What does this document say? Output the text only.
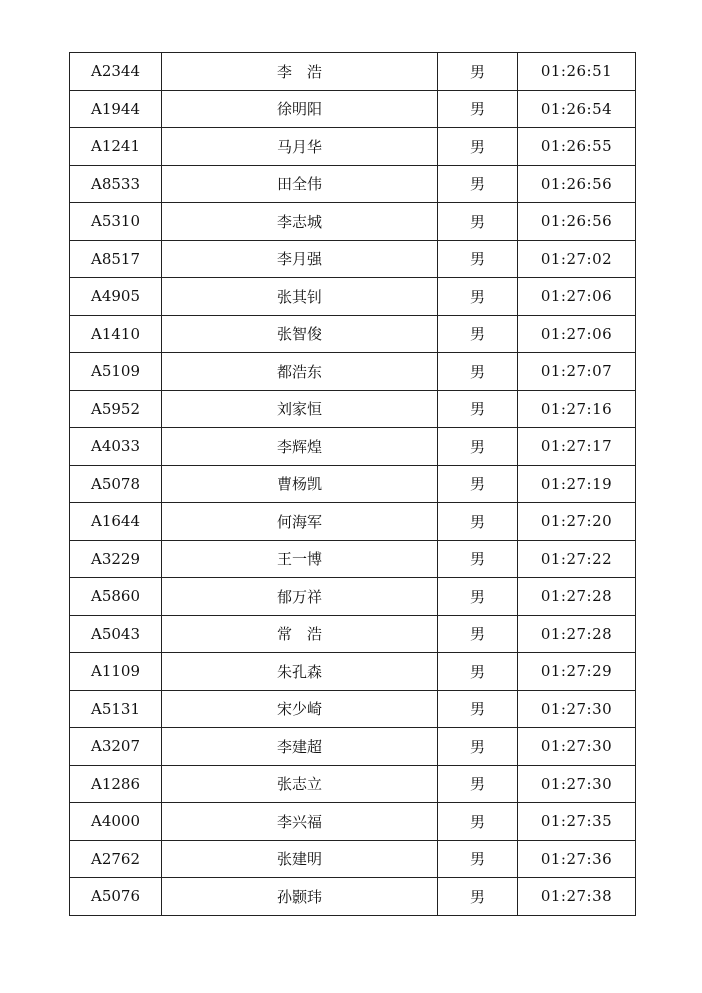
A2344	李　浩	男	01:26:51
A1944	徐明阳	男	01:26:54
A1241	马月华	男	01:26:55
A8533	田全伟	男	01:26:56
A5310	李志城	男	01:26:56
A8517	李月强	男	01:27:02
A4905	张其钊	男	01:27:06
A1410	张智俊	男	01:27:06
A5109	都浩东	男	01:27:07
A5952	刘家恒	男	01:27:16
A4033	李辉煌	男	01:27:17
A5078	曹杨凯	男	01:27:19
A1644	何海军	男	01:27:20
A3229	王一博	男	01:27:22
A5860	郁万祥	男	01:27:28
A5043	常　浩	男	01:27:28
A1109	朱孔森	男	01:27:29
A5131	宋少崎	男	01:27:30
A3207	李建超	男	01:27:30
A1286	张志立	男	01:27:30
A4000	李兴福	男	01:27:35
A2762	张建明	男	01:27:36
A5076	孙颢玮	男	01:27:38
